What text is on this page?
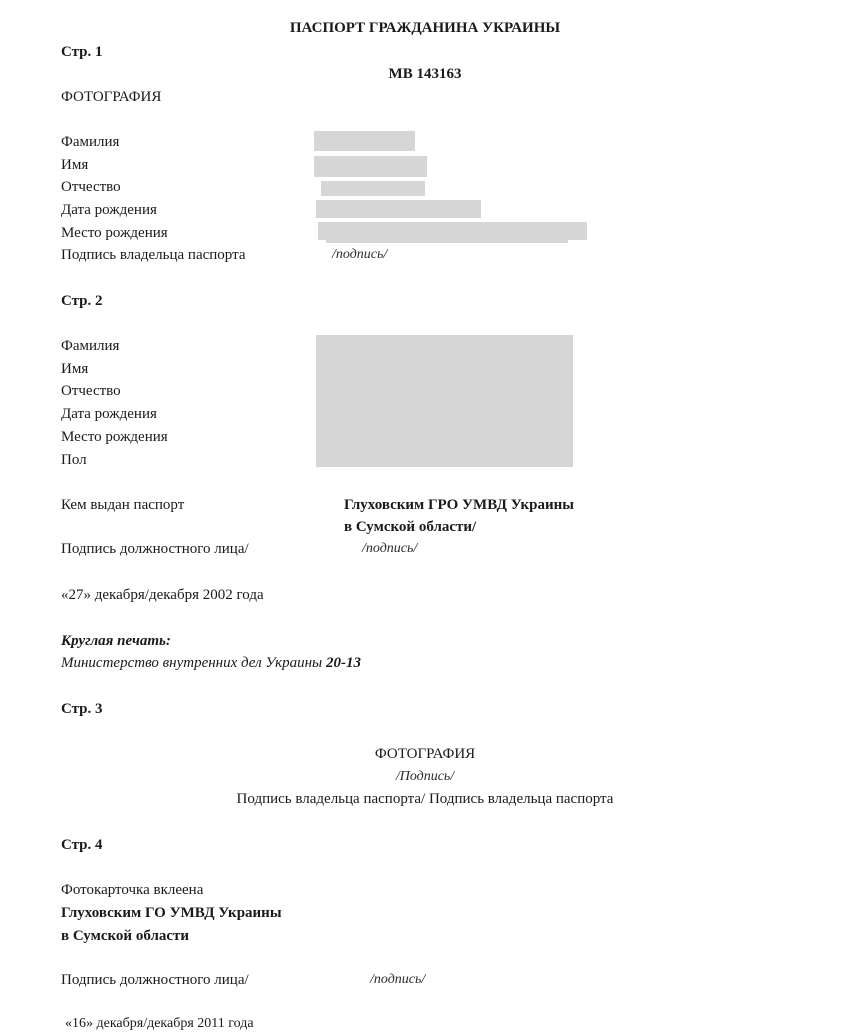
ПАСПОРТ ГРАЖДАНИНА УКРАИНЫ
Стр. 1
МВ 143163
ФОТОГРАФИЯ
Фамилия
Имя
Отчество
Дата рождения
Место рождения
Подпись владельца паспорта	/подпись/
Стр. 2
Фамилия
Имя
Отчество
Дата рождения
Место рождения
Пол
Кем выдан паспорт	Глуховским ГРО УМВД Украины
в Сумской области/
Подпись должностного лица/	/подпись/
«27» декабря/декабря 2002 года
Круглая печать:
Министерство внутренних дел Украины 20-13
Стр. 3
ФОТОГРАФИЯ
/Подпись/
Подпись владельца паспорта/ Подпись владельца паспорта
Стр. 4
Фотокарточка вклеена
Глуховским ГО УМВД Украины
в Сумской области
Подпись должностного лица/	/подпись/
«16» декабря/декабря 2011 года
